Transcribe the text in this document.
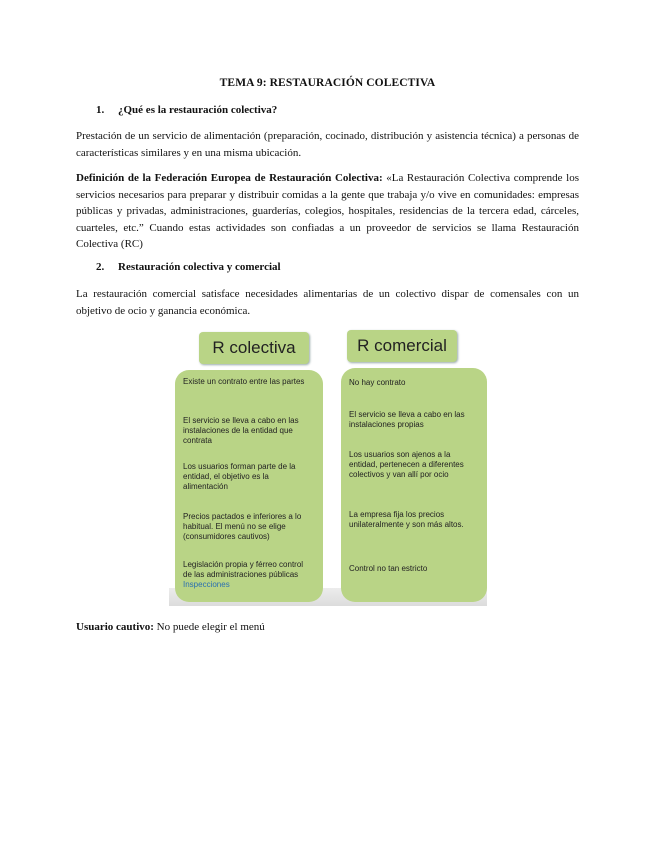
TEMA 9: RESTAURACIÓN COLECTIVA
1. ¿Qué es la restauración colectiva?

Prestación de un servicio de alimentación (preparación, cocinado, distribución y asistencia técnica) a personas de características similares y en una misma ubicación.

Definición de la Federación Europea de Restauración Colectiva: «La Restauración Colectiva comprende los servicios necesarios para preparar y distribuir comidas a la gente que trabaja y/o vive en comunidades: empresas públicas y privadas, administraciones, guarderías, colegios, hospitales, residencias de la tercera edad, cárceles, cuarteles, etc.” Cuando estas actividades son confiadas a un proveedor de servicios se llama Restauración Colectiva (RC)

2. Restauración colectiva y comercial

La restauración comercial satisface necesidades alimentarias de un colectivo dispar de comensales con un objetivo de ocio y ganancia económica.

R colectiva	R comercial
Existe un contrato entre las partes
El servicio se lleva a cabo en las instalaciones de la entidad que contrata
Los usuarios forman parte de la entidad, el objetivo es la alimentación
Precios pactados e inferiores a lo habitual. El menú no se elige (consumidores cautivos)
Legislación propia y férreo control de las administraciones públicas Inspecciones
No hay contrato
El servicio se lleva a cabo en las instalaciones propias
Los usuarios son ajenos a la entidad, pertenecen a diferentes colectivos y van allí por ocio
La empresa fija los precios unilateralmente y son más altos.
Control no tan estricto
Usuario cautivo: No puede elegir el menú
